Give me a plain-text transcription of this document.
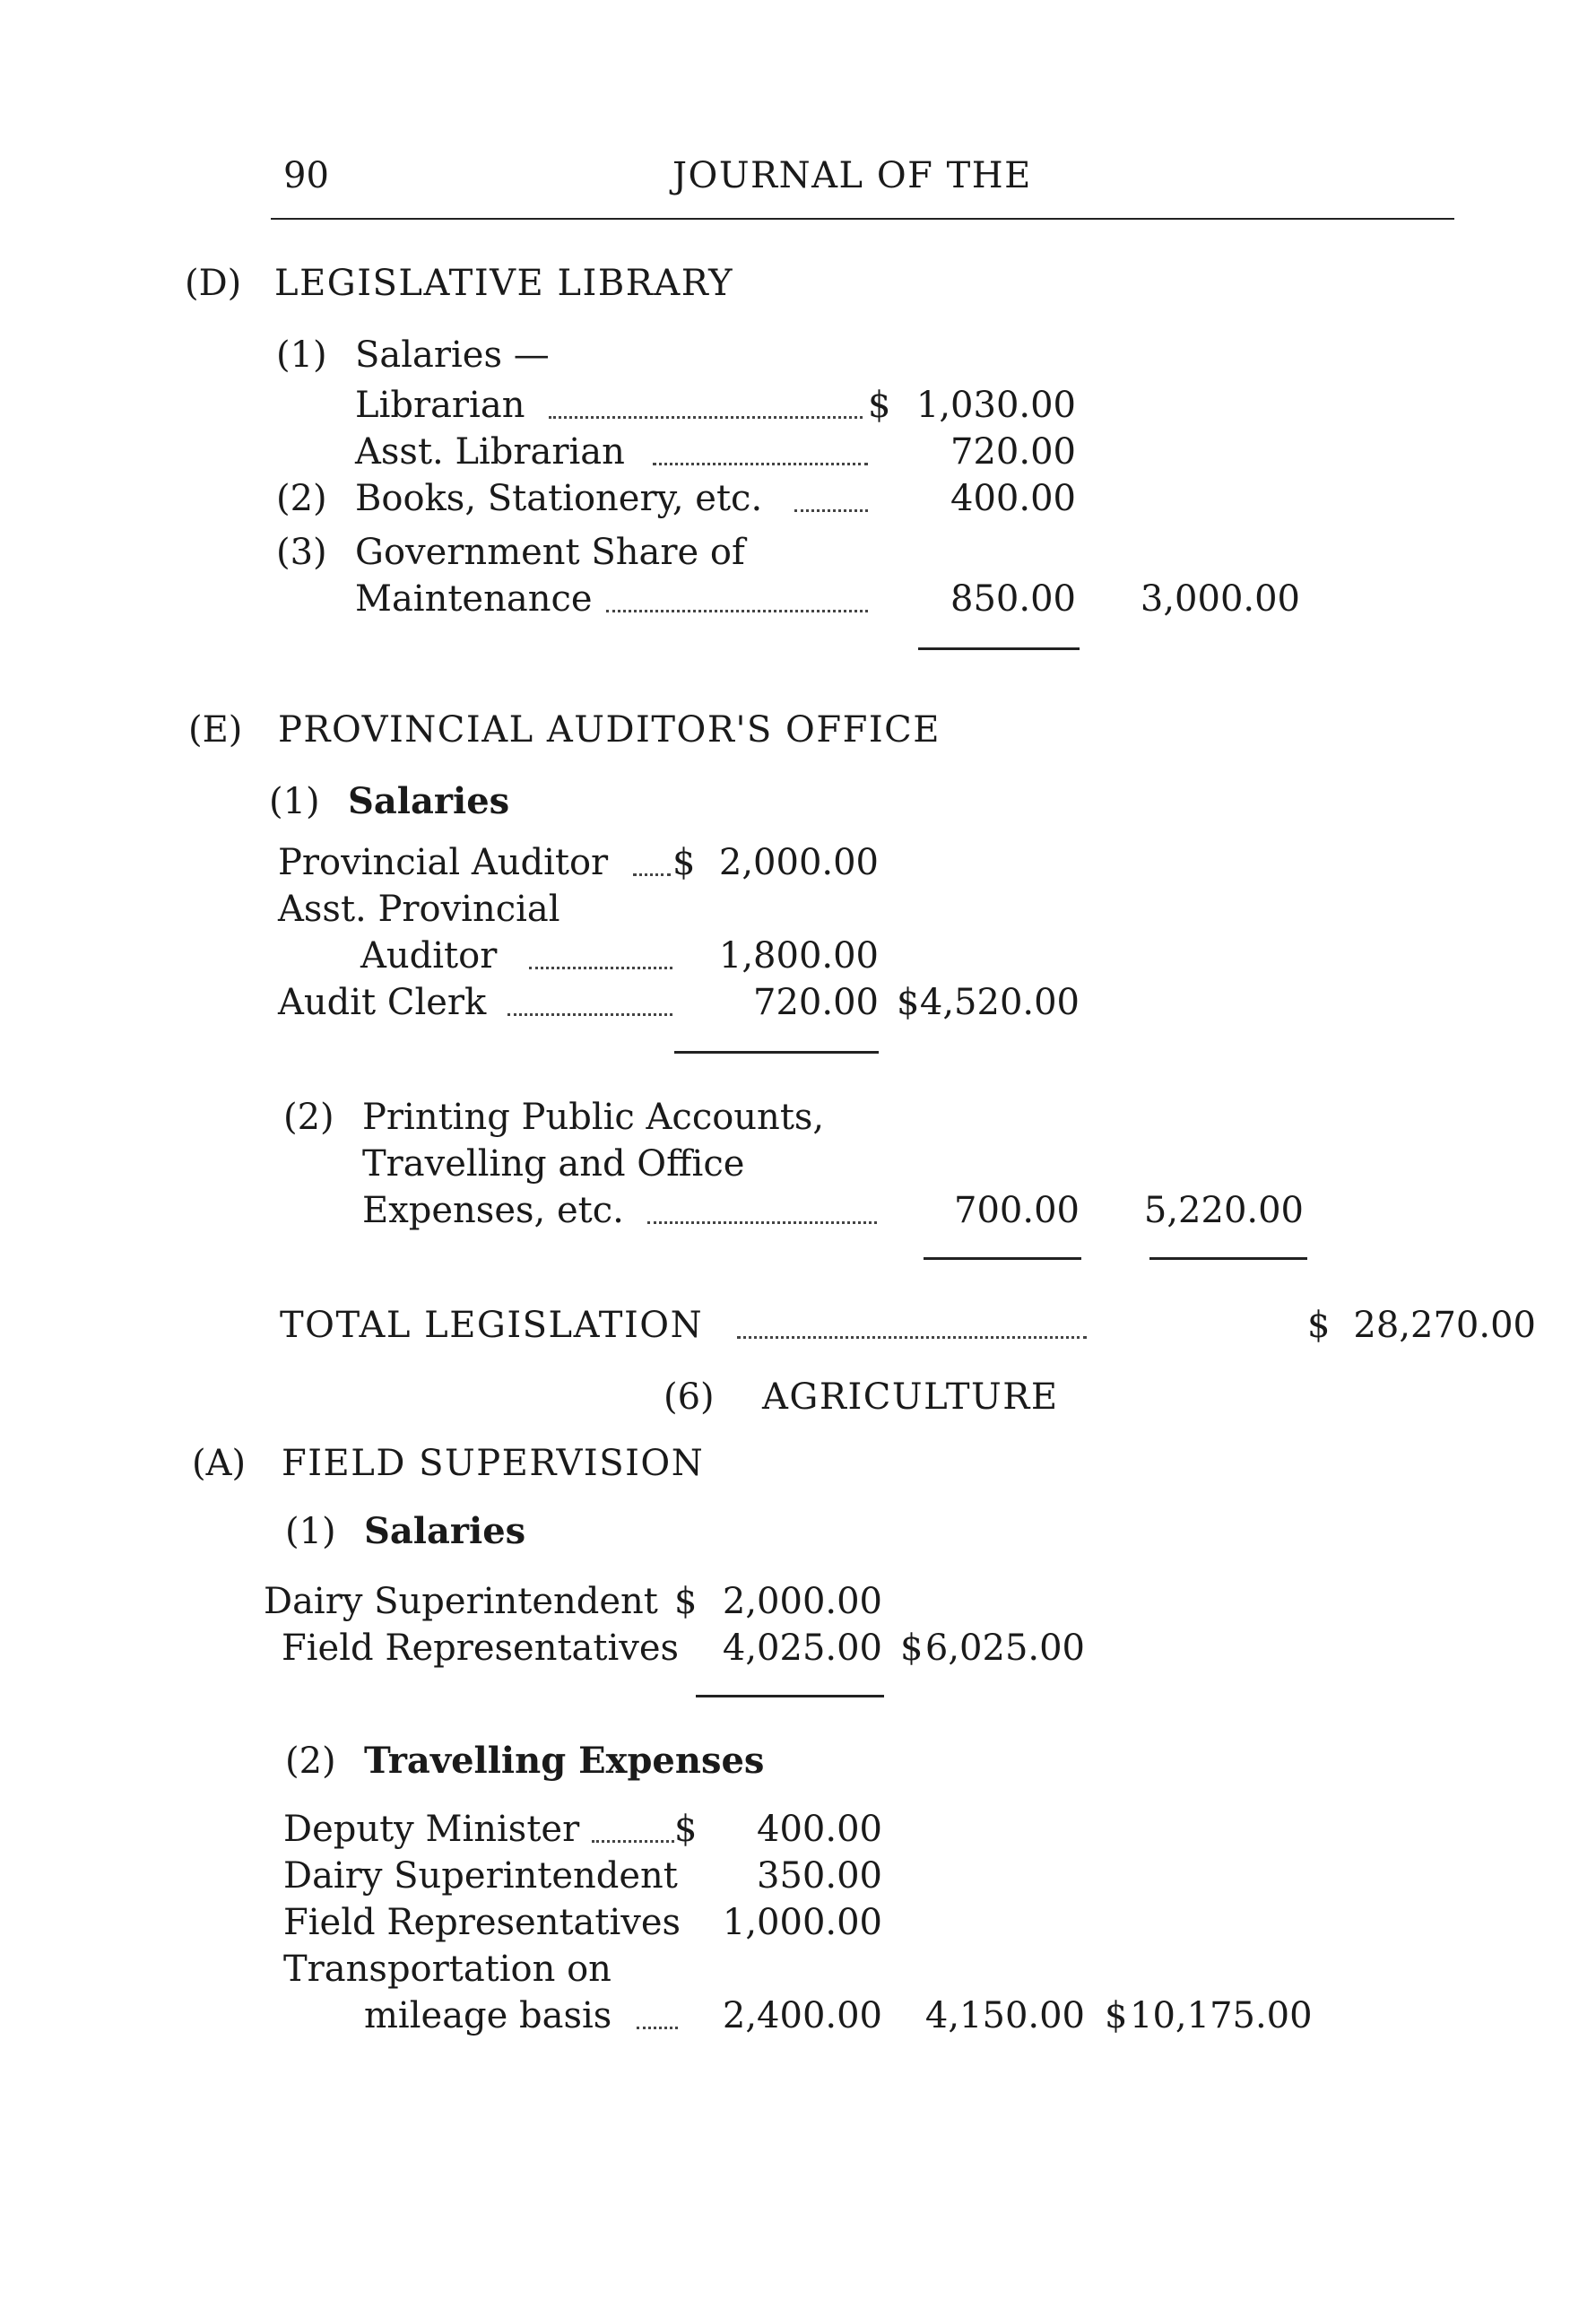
90	JOURNAL OF THE
(D) LEGISLATIVE LIBRARY
(1) Salaries —
Librarian	$ 1,030.00
Asst. Librarian	720.00
(2) Books, Stationery, etc.	400.00
(3) Government Share of
Maintenance	850.00	3,000.00
(E) PROVINCIAL AUDITOR'S OFFICE
(1) Salaries
Provincial Auditor $ 2,000.00
Asst. Provincial
Auditor	1,800.00
Audit Clerk	720.00 $ 4,520.00
(2) Printing Public Accounts,
Travelling and Office
Expenses, etc.	700.00	5,220.00
TOTAL LEGISLATION	$ 28,270.00
(6) AGRICULTURE
(A) FIELD SUPERVISION
(1) Salaries
Dairy Superintendent $ 2,000.00
Field Representatives	4,025.00 $ 6,025.00
(2) Travelling Expenses
Deputy Minister	$	400.00
Dairy Superintendent	350.00
Field Representatives	1,000.00
Transportation on
mileage basis	2,400.00	4,150.00 $ 10,175.00
